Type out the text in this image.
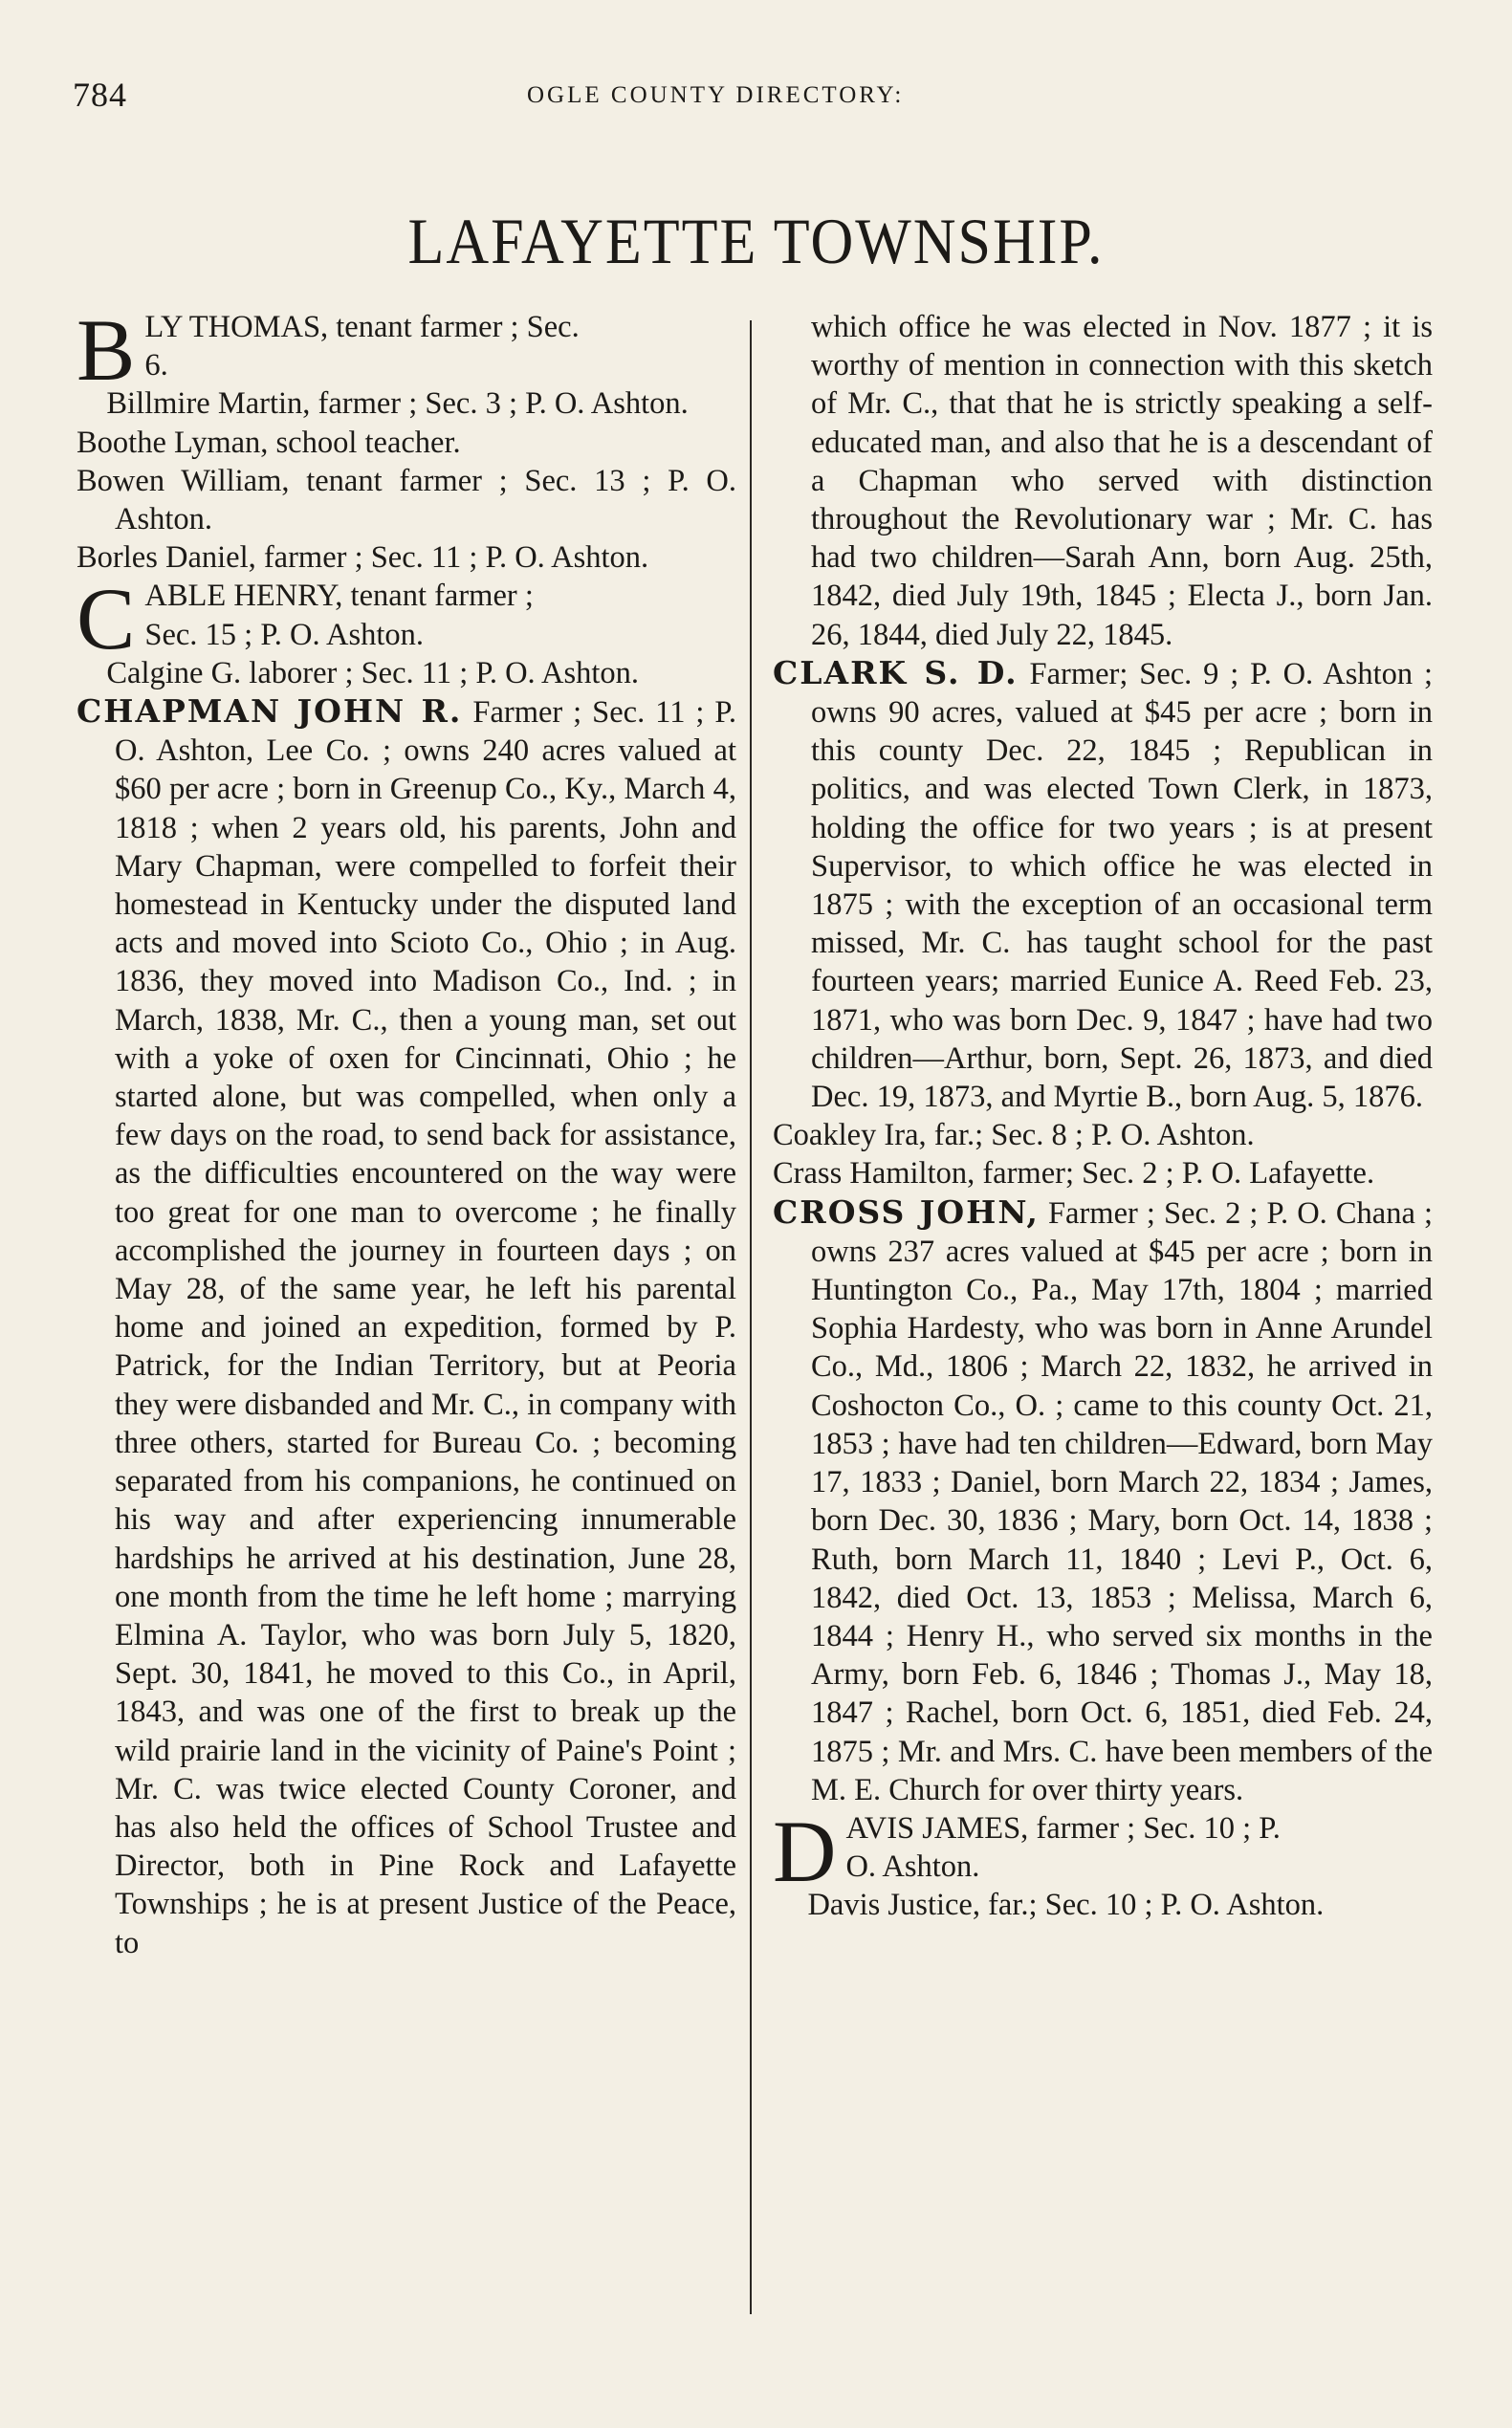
784	OGLE COUNTY DIRECTORY:
LAFAYETTE TOWNSHIP.
B LY THOMAS, tenant farmer ; Sec.
6.
Billmire Martin, farmer ; Sec. 3 ; P. O. Ashton.
Boothe Lyman, school teacher.
Bowen William, tenant farmer ; Sec. 13 ; P. O. Ashton.
Borles Daniel, farmer ; Sec. 11 ; P. O. Ashton.
C ABLE HENRY, tenant farmer ;
Sec. 15 ; P. O. Ashton.
Calgine G. laborer ; Sec. 11 ; P. O. Ashton.
CHAPMAN JOHN R. Farmer ; Sec. 11 ; P. O. Ashton, Lee Co. ; owns 240 acres valued at $60 per acre ; born in Greenup Co., Ky., March 4, 1818 ; when 2 years old, his parents, John and Mary Chapman, were compelled to forfeit their homestead in Kentucky under the disputed land acts and moved into Scioto Co., Ohio ; in Aug. 1836, they moved into Madison Co., Ind. ; in March, 1838, Mr. C., then a young man, set out with a yoke of oxen for Cincinnati, Ohio ; he started alone, but was compelled, when only a few days on the road, to send back for assistance, as the difficulties encountered on the way were too great for one man to overcome ; he finally accomplished the journey in fourteen days ; on May 28, of the same year, he left his parental home and joined an expedition, formed by P. Patrick, for the Indian Territory, but at Peoria they were disbanded and Mr. C., in company with three others, started for Bureau Co. ; becoming separated from his companions, he continued on his way and after experiencing innumerable hardships he arrived at his destination, June 28, one month from the time he left home ; marrying Elmina A. Taylor, who was born July 5, 1820, Sept. 30, 1841, he moved to this Co., in April, 1843, and was one of the first to break up the wild prairie land in the vicinity of Paine's Point ; Mr. C. was twice elected County Coroner, and has also held the offices of School Trustee and Director, both in Pine Rock and Lafayette Townships ; he is at present Justice of the Peace, to
which office he was elected in Nov. 1877 ; it is worthy of mention in connection with this sketch of Mr. C., that that he is strictly speaking a self-educated man, and also that he is a descendant of a Chapman who served with distinction throughout the Revolutionary war ; Mr. C. has had two children—Sarah Ann, born Aug. 25th, 1842, died July 19th, 1845 ; Electa J., born Jan. 26, 1844, died July 22, 1845.
CLARK S. D. Farmer; Sec. 9 ; P. O. Ashton ; owns 90 acres, valued at $45 per acre ; born in this county Dec. 22, 1845 ; Republican in politics, and was elected Town Clerk, in 1873, holding the office for two years ; is at present Supervisor, to which office he was elected in 1875 ; with the exception of an occasional term missed, Mr. C. has taught school for the past fourteen years; married Eunice A. Reed Feb. 23, 1871, who was born Dec. 9, 1847 ; have had two children—Arthur, born, Sept. 26, 1873, and died Dec. 19, 1873, and Myrtie B., born Aug. 5, 1876.
Coakley Ira, far.; Sec. 8 ; P. O. Ashton.
Crass Hamilton, farmer; Sec. 2 ; P. O. Lafayette.
CROSS JOHN, Farmer ; Sec. 2 ; P. O. Chana ; owns 237 acres valued at $45 per acre ; born in Huntington Co., Pa., May 17th, 1804 ; married Sophia Hardesty, who was born in Anne Arundel Co., Md., 1806 ; March 22, 1832, he arrived in Coshocton Co., O. ; came to this county Oct. 21, 1853 ; have had ten children—Edward, born May 17, 1833 ; Daniel, born March 22, 1834 ; James, born Dec. 30, 1836 ; Mary, born Oct. 14, 1838 ; Ruth, born March 11, 1840 ; Levi P., Oct. 6, 1842, died Oct. 13, 1853 ; Melissa, March 6, 1844 ; Henry H., who served six months in the Army, born Feb. 6, 1846 ; Thomas J., May 18, 1847 ; Rachel, born Oct. 6, 1851, died Feb. 24, 1875 ; Mr. and Mrs. C. have been members of the M. E. Church for over thirty years.
D AVIS JAMES, farmer ; Sec. 10 ; P.
O. Ashton.
Davis Justice, far.; Sec. 10 ; P. O. Ashton.
